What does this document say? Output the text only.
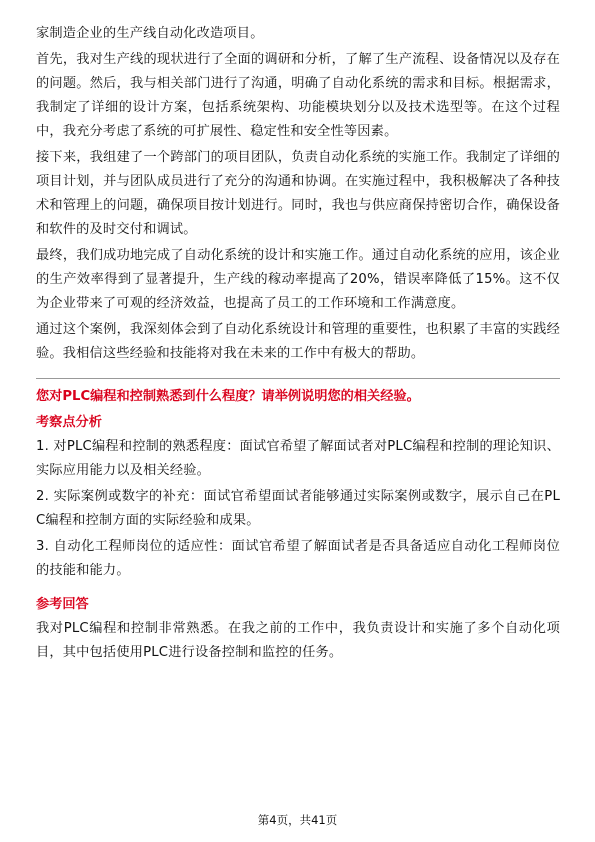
家制造企业的生产线自动化改造项目。

首先，我对生产线的现状进行了全面的调研和分析，了解了生产流程、设备情况以及存在的问题。然后，我与相关部门进行了沟通，明确了自动化系统的需求和目标。根据需求，我制定了详细的设计方案，包括系统架构、功能模块划分以及技术选型等。在这个过程中，我充分考虑了系统的可扩展性、稳定性和安全性等因素。

接下来，我组建了一个跨部门的项目团队，负责自动化系统的实施工作。我制定了详细的项目计划，并与团队成员进行了充分的沟通和协调。在实施过程中，我积极解决了各种技术和管理上的问题，确保项目按计划进行。同时，我也与供应商保持密切合作，确保设备和软件的及时交付和调试。

最终，我们成功地完成了自动化系统的设计和实施工作。通过自动化系统的应用，该企业的生产效率得到了显著提升，生产线的稼动率提高了20%，错误率降低了15%。这不仅为企业带来了可观的经济效益，也提高了员工的工作环境和工作满意度。

通过这个案例，我深刻体会到了自动化系统设计和管理的重要性，也积累了丰富的实践经验。我相信这些经验和技能将对我在未来的工作中有极大的帮助。

您对PLC编程和控制熟悉到什么程度？请举例说明您的相关经验。

考察点分析

1. 对PLC编程和控制的熟悉程度：面试官希望了解面试者对PLC编程和控制的理论知识、实际应用能力以及相关经验。

2. 实际案例或数字的补充：面试官希望面试者能够通过实际案例或数字，展示自己在PLC编程和控制方面的实际经验和成果。

3. 自动化工程师岗位的适应性：面试官希望了解面试者是否具备适应自动化工程师岗位的技能和能力。

参考回答

我对PLC编程和控制非常熟悉。在我之前的工作中，我负责设计和实施了多个自动化项目，其中包括使用PLC进行设备控制和监控的任务。

第4页，共41页
